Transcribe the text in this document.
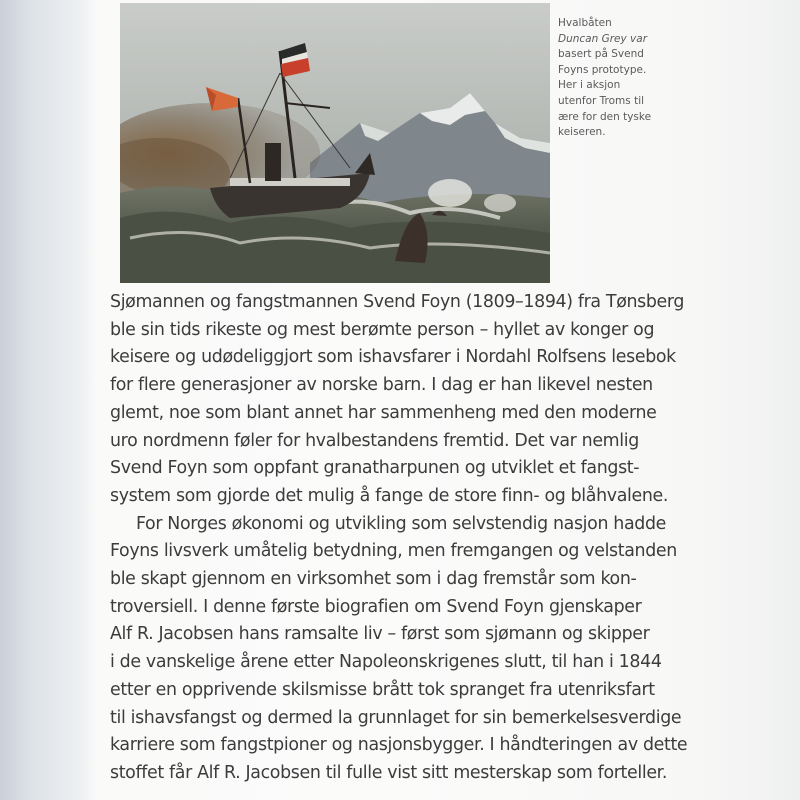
Hvalbåten
Duncan Grey var
basert på Svend
Foyns prototype.
Her i aksjon
utenfor Troms til
ære for den tyske
keiseren.
Sjømannen og fangstmannen Svend Foyn (1809–1894) fra Tønsberg
ble sin tids rikeste og mest berømte person – hyllet av konger og
keisere og udødeliggjort som ishavsfarer i Nordahl Rolfsens lesebok
for flere generasjoner av norske barn. I dag er han likevel nesten
glemt, noe som blant annet har sammenheng med den moderne
uro nordmenn føler for hvalbestandens fremtid. Det var nemlig
Svend Foyn som oppfant granatharpunen og utviklet et fangst-
system som gjorde det mulig å fange de store finn- og blåhvalene.
For Norges økonomi og utvikling som selvstendig nasjon hadde
Foyns livsverk umåtelig betydning, men fremgangen og velstanden
ble skapt gjennom en virksomhet som i dag fremstår som kon-
troversiell. I denne første biografien om Svend Foyn gjenskaper
Alf R. Jacobsen hans ramsalte liv – først som sjømann og skipper
i de vanskelige årene etter Napoleonskrigenes slutt, til han i 1844
etter en opprivende skilsmisse brått tok spranget fra utenriksfart
til ishavsfangst og dermed la grunnlaget for sin bemerkelsesverdige
karriere som fangstpioner og nasjonsbygger. I håndteringen av dette
stoffet får Alf R. Jacobsen til fulle vist sitt mesterskap som forteller.
